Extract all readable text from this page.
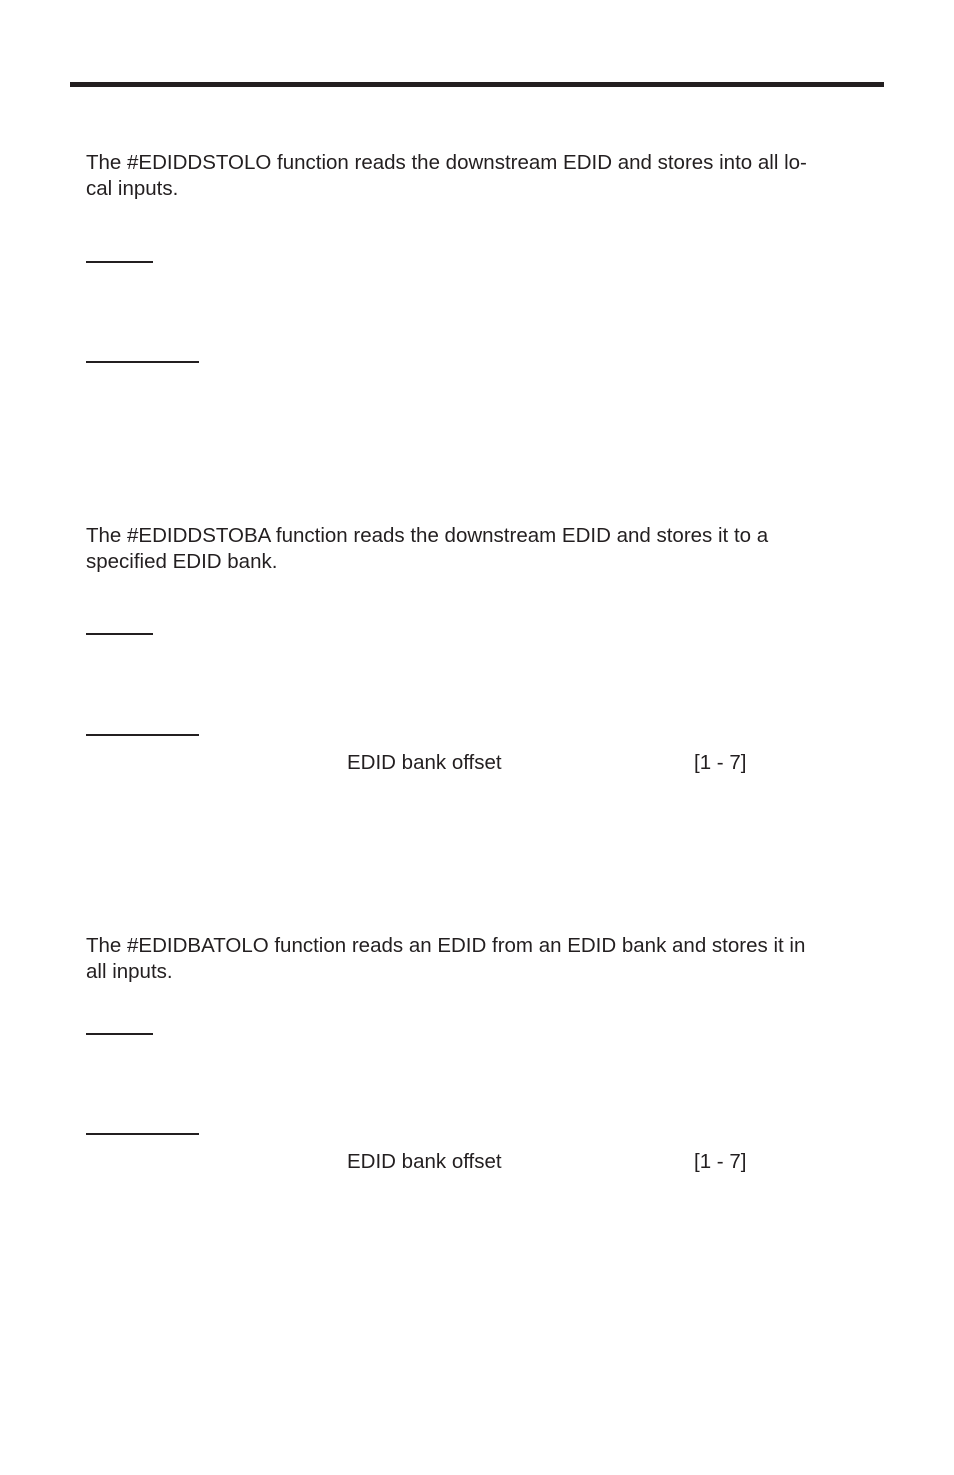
The #EDIDDSTOLO function reads the downstream EDID and stores into all lo-
cal inputs.

The #EDIDDSTOBA function reads the downstream EDID and stores it to a
specified EDID bank.

EDID bank offset	[1 - 7]

The #EDIDBATOLO function reads an EDID from an EDID bank and stores it in
all inputs.

EDID bank offset	[1 - 7]
